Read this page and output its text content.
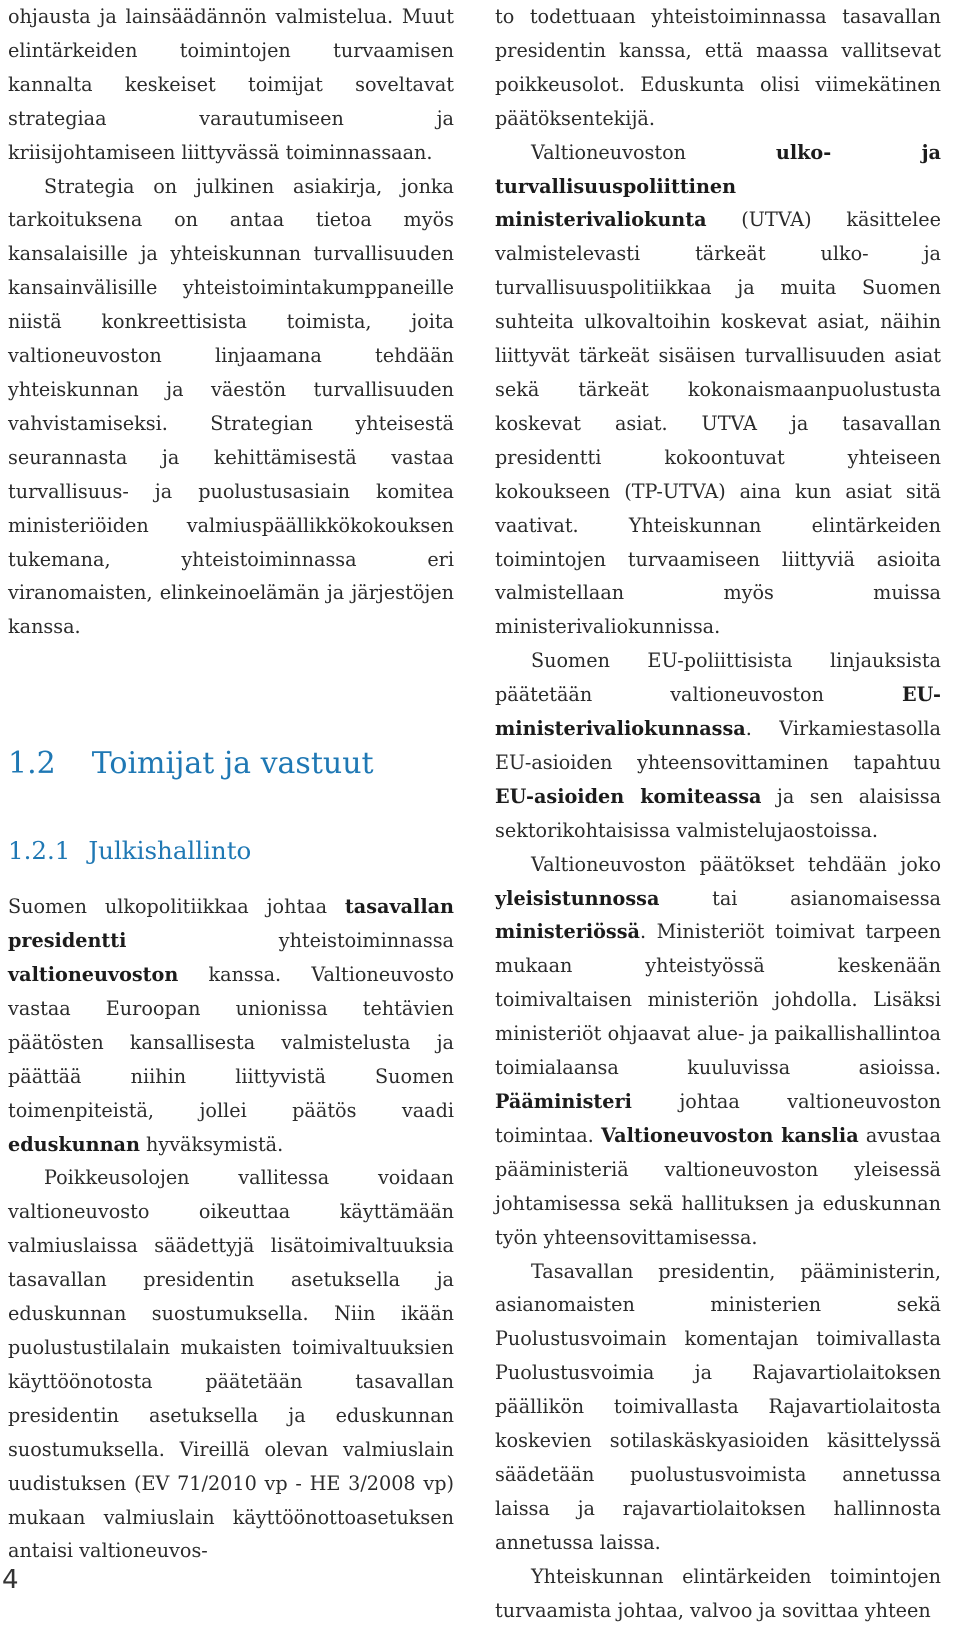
ohjausta ja lainsäädännön valmistelua. Muut elintärkeiden toimintojen turvaamisen kannalta keskeiset toimijat soveltavat strategiaa varautumiseen ja kriisijohtamiseen liittyvässä toiminnassaan.

Strategia on julkinen asiakirja, jonka tarkoituksena on antaa tietoa myös kansalaisille ja yhteiskunnan turvallisuuden kansainvälisille yhteistoimintakumppaneille niistä konkreettisista toimista, joita valtioneuvoston linjaamana tehdään yhteiskunnan ja väestön turvallisuuden vahvistamiseksi. Strategian yhteisestä seurannasta ja kehittämisestä vastaa turvallisuus- ja puolustusasiain komitea ministeriöiden valmiuspäällikkökokouksen tukemana, yhteistoiminnassa eri viranomaisten, elinkeinoelämän ja järjestöjen kanssa.

1.2 Toimijat ja vastuut
1.2.1 Julkishallinto

Suomen ulkopolitiikkaa johtaa tasavallan presidentti yhteistoiminnassa valtioneuvoston kanssa. Valtioneuvosto vastaa Euroopan unionissa tehtävien päätösten kansallisesta valmistelusta ja päättää niihin liittyvistä Suomen toimenpiteistä, jollei päätös vaadi eduskunnan hyväksymistä.

Poikkeusolojen vallitessa voidaan valtioneuvosto oikeuttaa käyttämään valmiuslaissa säädettyjä lisätoimivaltuuksia tasavallan presidentin asetuksella ja eduskunnan suostumuksella. Niin ikään puolustustilalain mukaisten toimivaltuuksien käyttöönotosta päätetään tasavallan presidentin asetuksella ja eduskunnan suostumuksella. Vireillä olevan valmiuslain uudistuksen (EV 71/2010 vp - HE 3/2008 vp) mukaan valmiuslain käyttöönottoasetuksen antaisi valtioneuvos-

to todettuaan yhteistoiminnassa tasavallan presidentin kanssa, että maassa vallitsevat poikkeusolot. Eduskunta olisi viimekätinen päätöksentekijä.

Valtioneuvoston ulko- ja turvallisuuspoliittinen ministerivaliokunta (UTVA) käsittelee valmistelevasti tärkeät ulko- ja turvallisuuspolitiikkaa ja muita Suomen suhteita ulkovaltoihin koskevat asiat, näihin liittyvät tärkeät sisäisen turvallisuuden asiat sekä tärkeät kokonaismaanpuolustusta koskevat asiat. UTVA ja tasavallan presidentti kokoontuvat yhteiseen kokoukseen (TP-UTVA) aina kun asiat sitä vaativat. Yhteiskunnan elintärkeiden toimintojen turvaamiseen liittyviä asioita valmistellaan myös muissa ministerivaliokunnissa.

Suomen EU-poliittisista linjauksista päätetään valtioneuvoston EU-ministerivaliokunnassa. Virkamiestasolla EU-asioiden yhteensovittaminen tapahtuu EU-asioiden komiteassa ja sen alaisissa sektorikohtaisissa valmistelujaostoissa.

Valtioneuvoston päätökset tehdään joko yleisistunnossa tai asianomaisessa ministeriössä. Ministeriöt toimivat tarpeen mukaan yhteistyössä keskenään toimivaltaisen ministeriön johdolla. Lisäksi ministeriöt ohjaavat alue- ja paikallishallintoa toimialaansa kuuluvissa asioissa. Pääministeri johtaa valtioneuvoston toimintaa. Valtioneuvoston kanslia avustaa pääministeriä valtioneuvoston yleisessä johtamisessa sekä hallituksen ja eduskunnan työn yhteensovittamisessa.

Tasavallan presidentin, pääministerin, asianomaisten ministerien sekä Puolustusvoimain komentajan toimivallasta Puolustusvoimia ja Rajavartiolaitoksen päällikön toimivallasta Rajavartiolaitosta koskevien sotilaskäskyasioiden käsittelyssä säädetään puolustusvoimista annetussa laissa ja rajavartiolaitoksen hallinnosta annetussa laissa.

Yhteiskunnan elintärkeiden toimintojen turvaamista johtaa, valvoo ja sovittaa yhteen

4
